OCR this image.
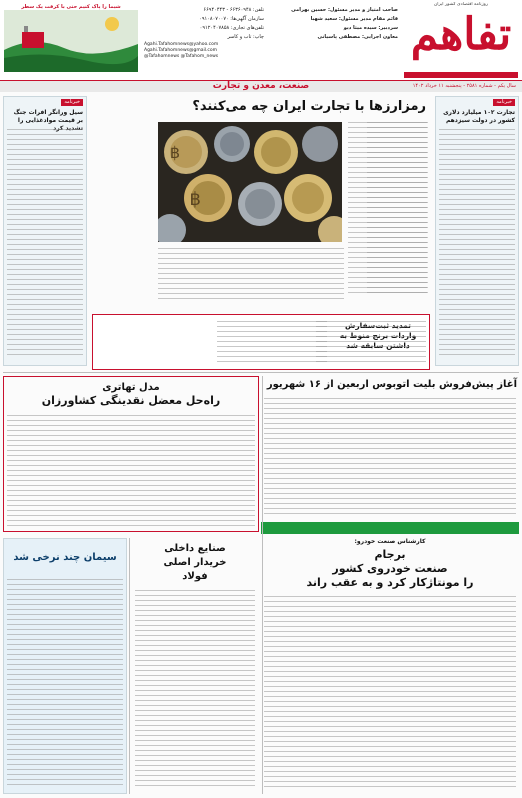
روزنامه اقتصادی کشور ایران
تفاهم
صاحب امتیاز و مدیر مسئول: حسین بهرامی
قائم مقام مدیر مسئول: سعید شهبا
سردبیر: سیده میثا دیو
معاون اجرایی: مصطفی پاسیانی
تلفن: ۶۶۳۶۰۹۴۸ - ۶۶۹۴۰۴۴۳
سازمان آگهی‌ها: ۰۹۱۰۸۰۷۰۰۷۰
تلفن‌های تجاری: ۰۹۱۲۰۴۰۷۸۵۸
چاپ: تاب و کاسر
Agahi.Tafahomnews@yahoo.com
Agahi.Tafahomnews@gmail.com
@Tafahomnews @Tafahom_news
شیما را پاک کنیم حتی با کرفت یک سطر
سال یکم - شماره ۲۵۸۱ - پنجشنبه ۱۱ خرداد ۱۴۰۲
صنعت، معدن و تجارت
خبرنامه
تجارت ۱۰۲ میلیارد دلاری کشور در دولت سیزدهم
خبرنامه
سیل ورانگر افرات جنگ بر قیمت موادغذایی را
رمزارزها با تجارت ایران چه می‌کنند؟
฿
฿
آغاز پیش‌فروش بلیت اتوبوس اربعین از ۱۶ شهریور
مدل تهاتری
راه‌حل معضل نقدینگی کشاورزان
کارشناس صنعت خودرو:
برجام
صنعت خودروی کشور
را مونتاژکار کرد و به عقب راند
صنایع داخلی
خریدار اصلی
فولاد
سیمان چند نرخی شد
